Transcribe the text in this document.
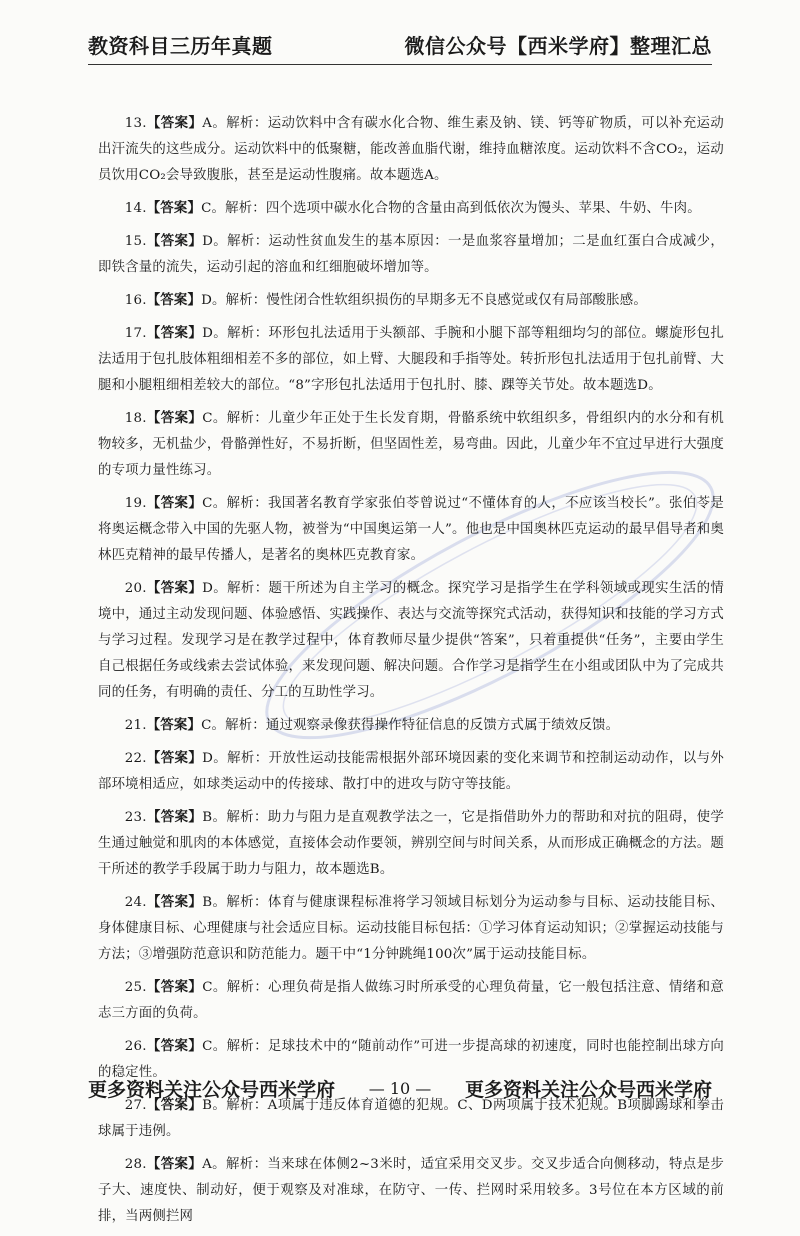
教资科目三历年真题	微信公众号【西米学府】整理汇总

13.【答案】A。解析：运动饮料中含有碳水化合物、维生素及钠、镁、钙等矿物质，可以补充运动出汗流失的这些成分。运动饮料中的低聚糖，能改善血脂代谢，维持血糖浓度。运动饮料不含CO₂，运动员饮用CO₂会导致腹胀，甚至是运动性腹痛。故本题选A。

14.【答案】C。解析：四个选项中碳水化合物的含量由高到低依次为馒头、苹果、牛奶、牛肉。

15.【答案】D。解析：运动性贫血发生的基本原因：一是血浆容量增加；二是血红蛋白合成减少，即铁含量的流失，运动引起的溶血和红细胞破坏增加等。

16.【答案】D。解析：慢性闭合性软组织损伤的早期多无不良感觉或仅有局部酸胀感。

17.【答案】D。解析：环形包扎法适用于头额部、手腕和小腿下部等粗细均匀的部位。螺旋形包扎法适用于包扎肢体粗细相差不多的部位，如上臂、大腿段和手指等处。转折形包扎法适用于包扎前臂、大腿和小腿粗细相差较大的部位。“8”字形包扎法适用于包扎肘、膝、踝等关节处。故本题选D。

18.【答案】C。解析：儿童少年正处于生长发育期，骨骼系统中软组织多，骨组织内的水分和有机物较多，无机盐少，骨骼弹性好，不易折断，但坚固性差，易弯曲。因此，儿童少年不宜过早进行大强度的专项力量性练习。

19.【答案】C。解析：我国著名教育学家张伯苓曾说过“不懂体育的人，不应该当校长”。张伯苓是将奥运概念带入中国的先驱人物，被誉为“中国奥运第一人”。他也是中国奥林匹克运动的最早倡导者和奥林匹克精神的最早传播人，是著名的奥林匹克教育家。

20.【答案】D。解析：题干所述为自主学习的概念。探究学习是指学生在学科领域或现实生活的情境中，通过主动发现问题、体验感悟、实践操作、表达与交流等探究式活动，获得知识和技能的学习方式与学习过程。发现学习是在教学过程中，体育教师尽量少提供“答案”，只着重提供“任务”，主要由学生自己根据任务或线索去尝试体验，来发现问题、解决问题。合作学习是指学生在小组或团队中为了完成共同的任务，有明确的责任、分工的互助性学习。

21.【答案】C。解析：通过观察录像获得操作特征信息的反馈方式属于绩效反馈。

22.【答案】D。解析：开放性运动技能需根据外部环境因素的变化来调节和控制运动动作，以与外部环境相适应，如球类运动中的传接球、散打中的进攻与防守等技能。

23.【答案】B。解析：助力与阻力是直观教学法之一，它是指借助外力的帮助和对抗的阻碍，使学生通过触觉和肌肉的本体感觉，直接体会动作要领，辨别空间与时间关系，从而形成正确概念的方法。题干所述的教学手段属于助力与阻力，故本题选B。

24.【答案】B。解析：体育与健康课程标准将学习领域目标划分为运动参与目标、运动技能目标、身体健康目标、心理健康与社会适应目标。运动技能目标包括：①学习体育运动知识；②掌握运动技能与方法；③增强防范意识和防范能力。题干中“1分钟跳绳100次”属于运动技能目标。

25.【答案】C。解析：心理负荷是指人做练习时所承受的心理负荷量，它一般包括注意、情绪和意志三方面的负荷。

26.【答案】C。解析：足球技术中的“随前动作”可进一步提高球的初速度，同时也能控制出球方向的稳定性。

27.【答案】B。解析：A项属于违反体育道德的犯规。C、D两项属于技术犯规。B项脚踢球和拳击球属于违例。

28.【答案】A。解析：当来球在体侧2~3米时，适宜采用交叉步。交叉步适合向侧移动，特点是步子大、速度快、制动好，便于观察及对准球，在防守、一传、拦网时采用较多。3号位在本方区域的前排，当两侧拦网

更多资料关注公众号西米学府 — 10 — 更多资料关注公众号西米学府
